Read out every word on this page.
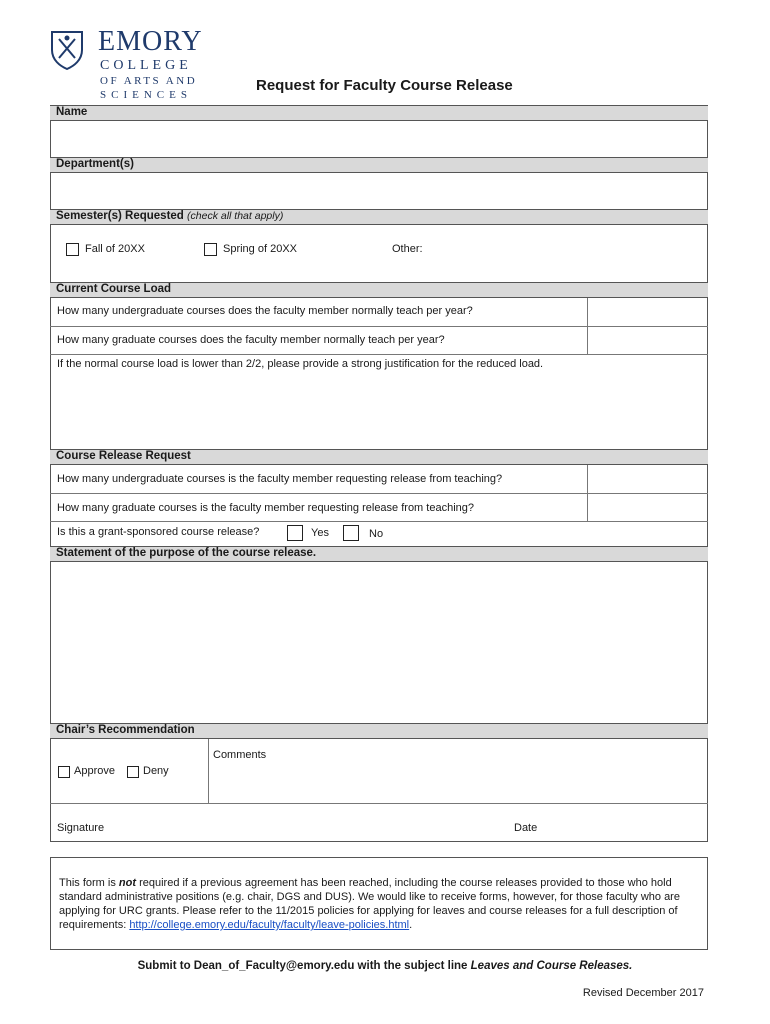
EMORY
COLLEGE
OF ARTS AND
SCIENCES
Request for Faculty Course Release
Name
Department(s)
Semester(s) Requested (check all that apply)
Fall of 20XX	Spring of 20XX	Other:
Current Course Load
How many undergraduate courses does the faculty member normally teach per year?
How many graduate courses does the faculty member normally teach per year?
If the normal course load is lower than 2/2, please provide a strong justification for the reduced load.
Course Release Request
How many undergraduate courses is the faculty member requesting release from teaching?
How many graduate courses is the faculty member requesting release from teaching?
Is this a grant-sponsored course release?	Yes	No
Statement of the purpose of the course release.
Chair’s Recommendation
Approve	Deny
Comments
Signature	Date
This form is not required if a previous agreement has been reached, including the course releases provided to those who hold standard administrative positions (e.g. chair, DGS and DUS). We would like to receive forms, however, for those faculty who are applying for URC grants. Please refer to the 11/2015 policies for applying for leaves and course releases for a full description of requirements: http://college.emory.edu/faculty/faculty/leave-policies.html.
Submit to Dean_of_Faculty@emory.edu with the subject line Leaves and Course Releases.
Revised December 2017
